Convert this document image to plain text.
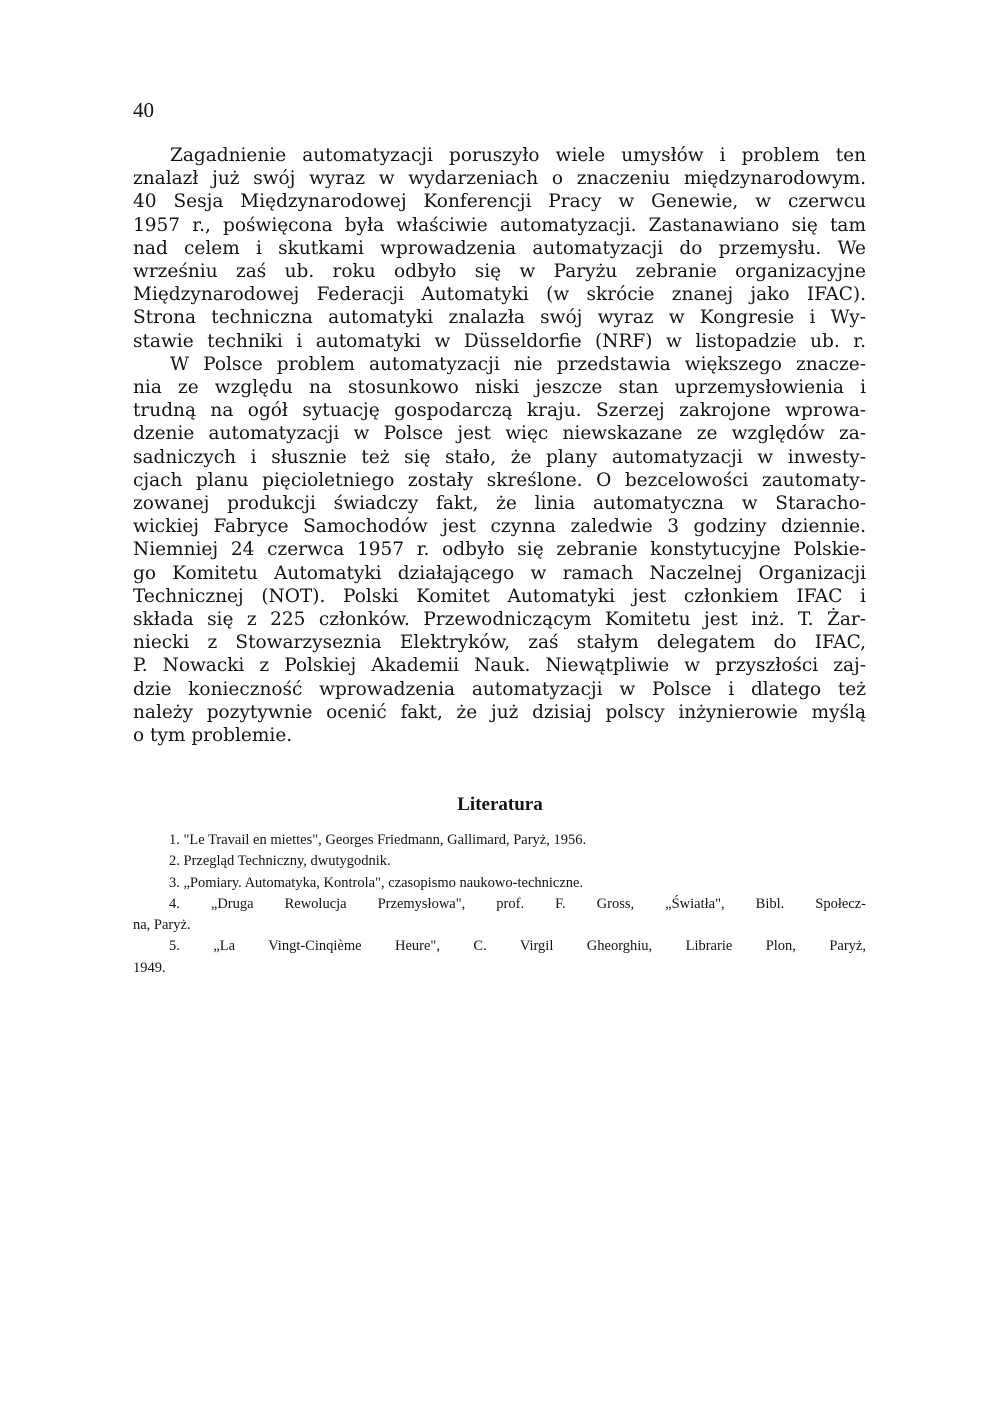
40

Zagadnienie automatyzacji poruszyło wiele umysłów i problem ten
znalazł już swój wyraz w wydarzeniach o znaczeniu międzynarodowym.
40 Sesja Międzynarodowej Konferencji Pracy w Genewie, w czerwcu
1957 r., poświęcona była właściwie automatyzacji. Zastanawiano się tam
nad celem i skutkami wprowadzenia automatyzacji do przemysłu. We
wrześniu zaś ub. roku odbyło się w Paryżu zebranie organizacyjne
Międzynarodowej Federacji Automatyki (w skrócie znanej jako IFAC).
Strona techniczna automatyki znalazła swój wyraz w Kongresie i Wy-
stawie techniki i automatyki w Düsseldorfie (NRF) w listopadzie ub. r.

W Polsce problem automatyzacji nie przedstawia większego znacze-
nia ze względu na stosunkowo niski jeszcze stan uprzemysłowienia i
trudną na ogół sytuację gospodarczą kraju. Szerzej zakrojone wprowa-
dzenie automatyzacji w Polsce jest więc niewskazane ze względów za-
sadniczych i słusznie też się stało, że plany automatyzacji w inwesty-
cjach planu pięcioletniego zostały skreślone. O bezcelowości zautomaty-
zowanej produkcji świadczy fakt, że linia automatyczna w Staracho-
wickiej Fabryce Samochodów jest czynna zaledwie 3 godziny dziennie.
Niemniej 24 czerwca 1957 r. odbyło się zebranie konstytucyjne Polskie-
go Komitetu Automatyki działającego w ramach Naczelnej Organizacji
Technicznej (NOT). Polski Komitet Automatyki jest członkiem IFAC i
składa się z 225 członków. Przewodniczącym Komitetu jest inż. T. Żar-
niecki z Stowarzyseznia Elektryków, zaś stałym delegatem do IFAC,
P. Nowacki z Polskiej Akademii Nauk. Niewątpliwie w przyszłości zaj-
dzie konieczność wprowadzenia automatyzacji w Polsce i dlatego też
należy pozytywnie ocenić fakt, że już dzisiaj polscy inżynierowie myślą
o tym problemie.

Literatura
1. "Le Travail en miettes", Georges Friedmann, Gallimard, Paryż, 1956.
2. Przegląd Techniczny, dwutygodnik.
3. „Pomiary. Automatyka, Kontrola", czasopismo naukowo-techniczne.
4. „Druga Rewolucja Przemysłowa", prof. F. Gross, „Światła", Bibl. Społecz-
na, Paryż.
5. „La Vingt-Cinqième Heure", C. Virgil Gheorghiu, Librarie Plon, Paryż,
1949.
